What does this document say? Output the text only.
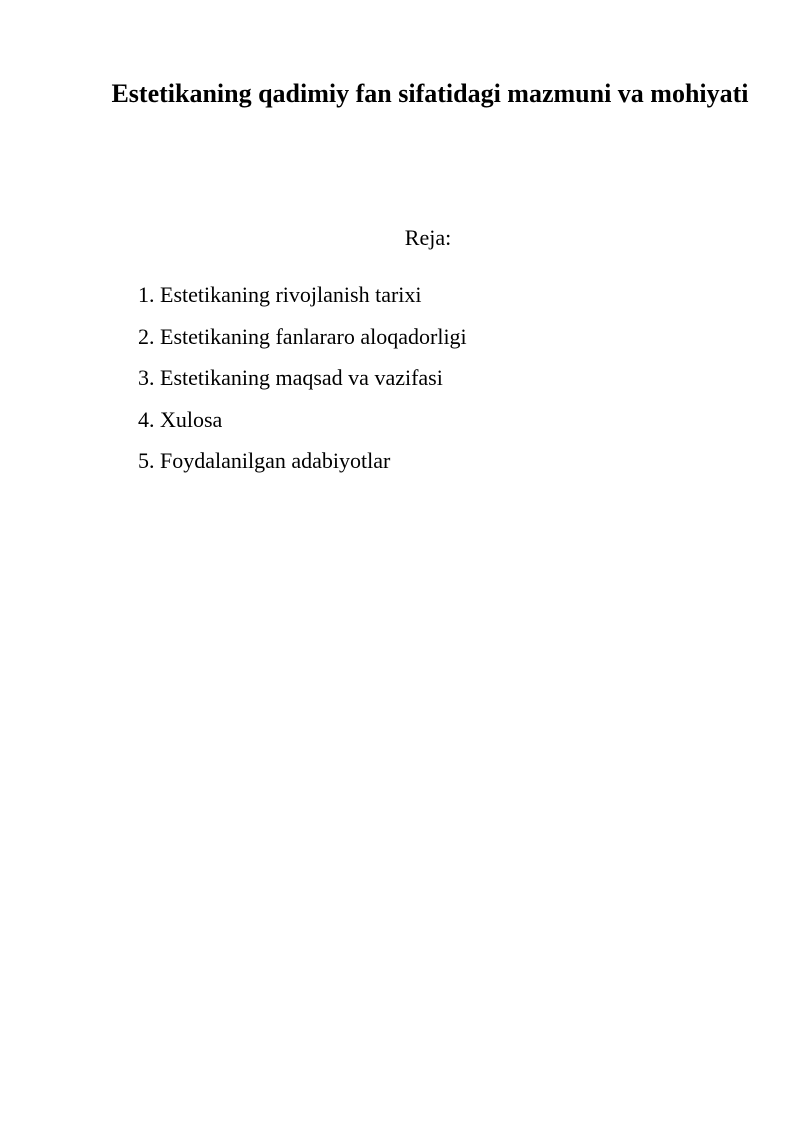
Estetikaning qadimiy fan sifatidagi mazmuni va mohiyati

Reja:

1. Estetikaning rivojlanish tarixi
2. Estetikaning fanlararo aloqadorligi
3. Estetikaning maqsad va vazifasi
4. Xulosa
5. Foydalanilgan adabiyotlar
